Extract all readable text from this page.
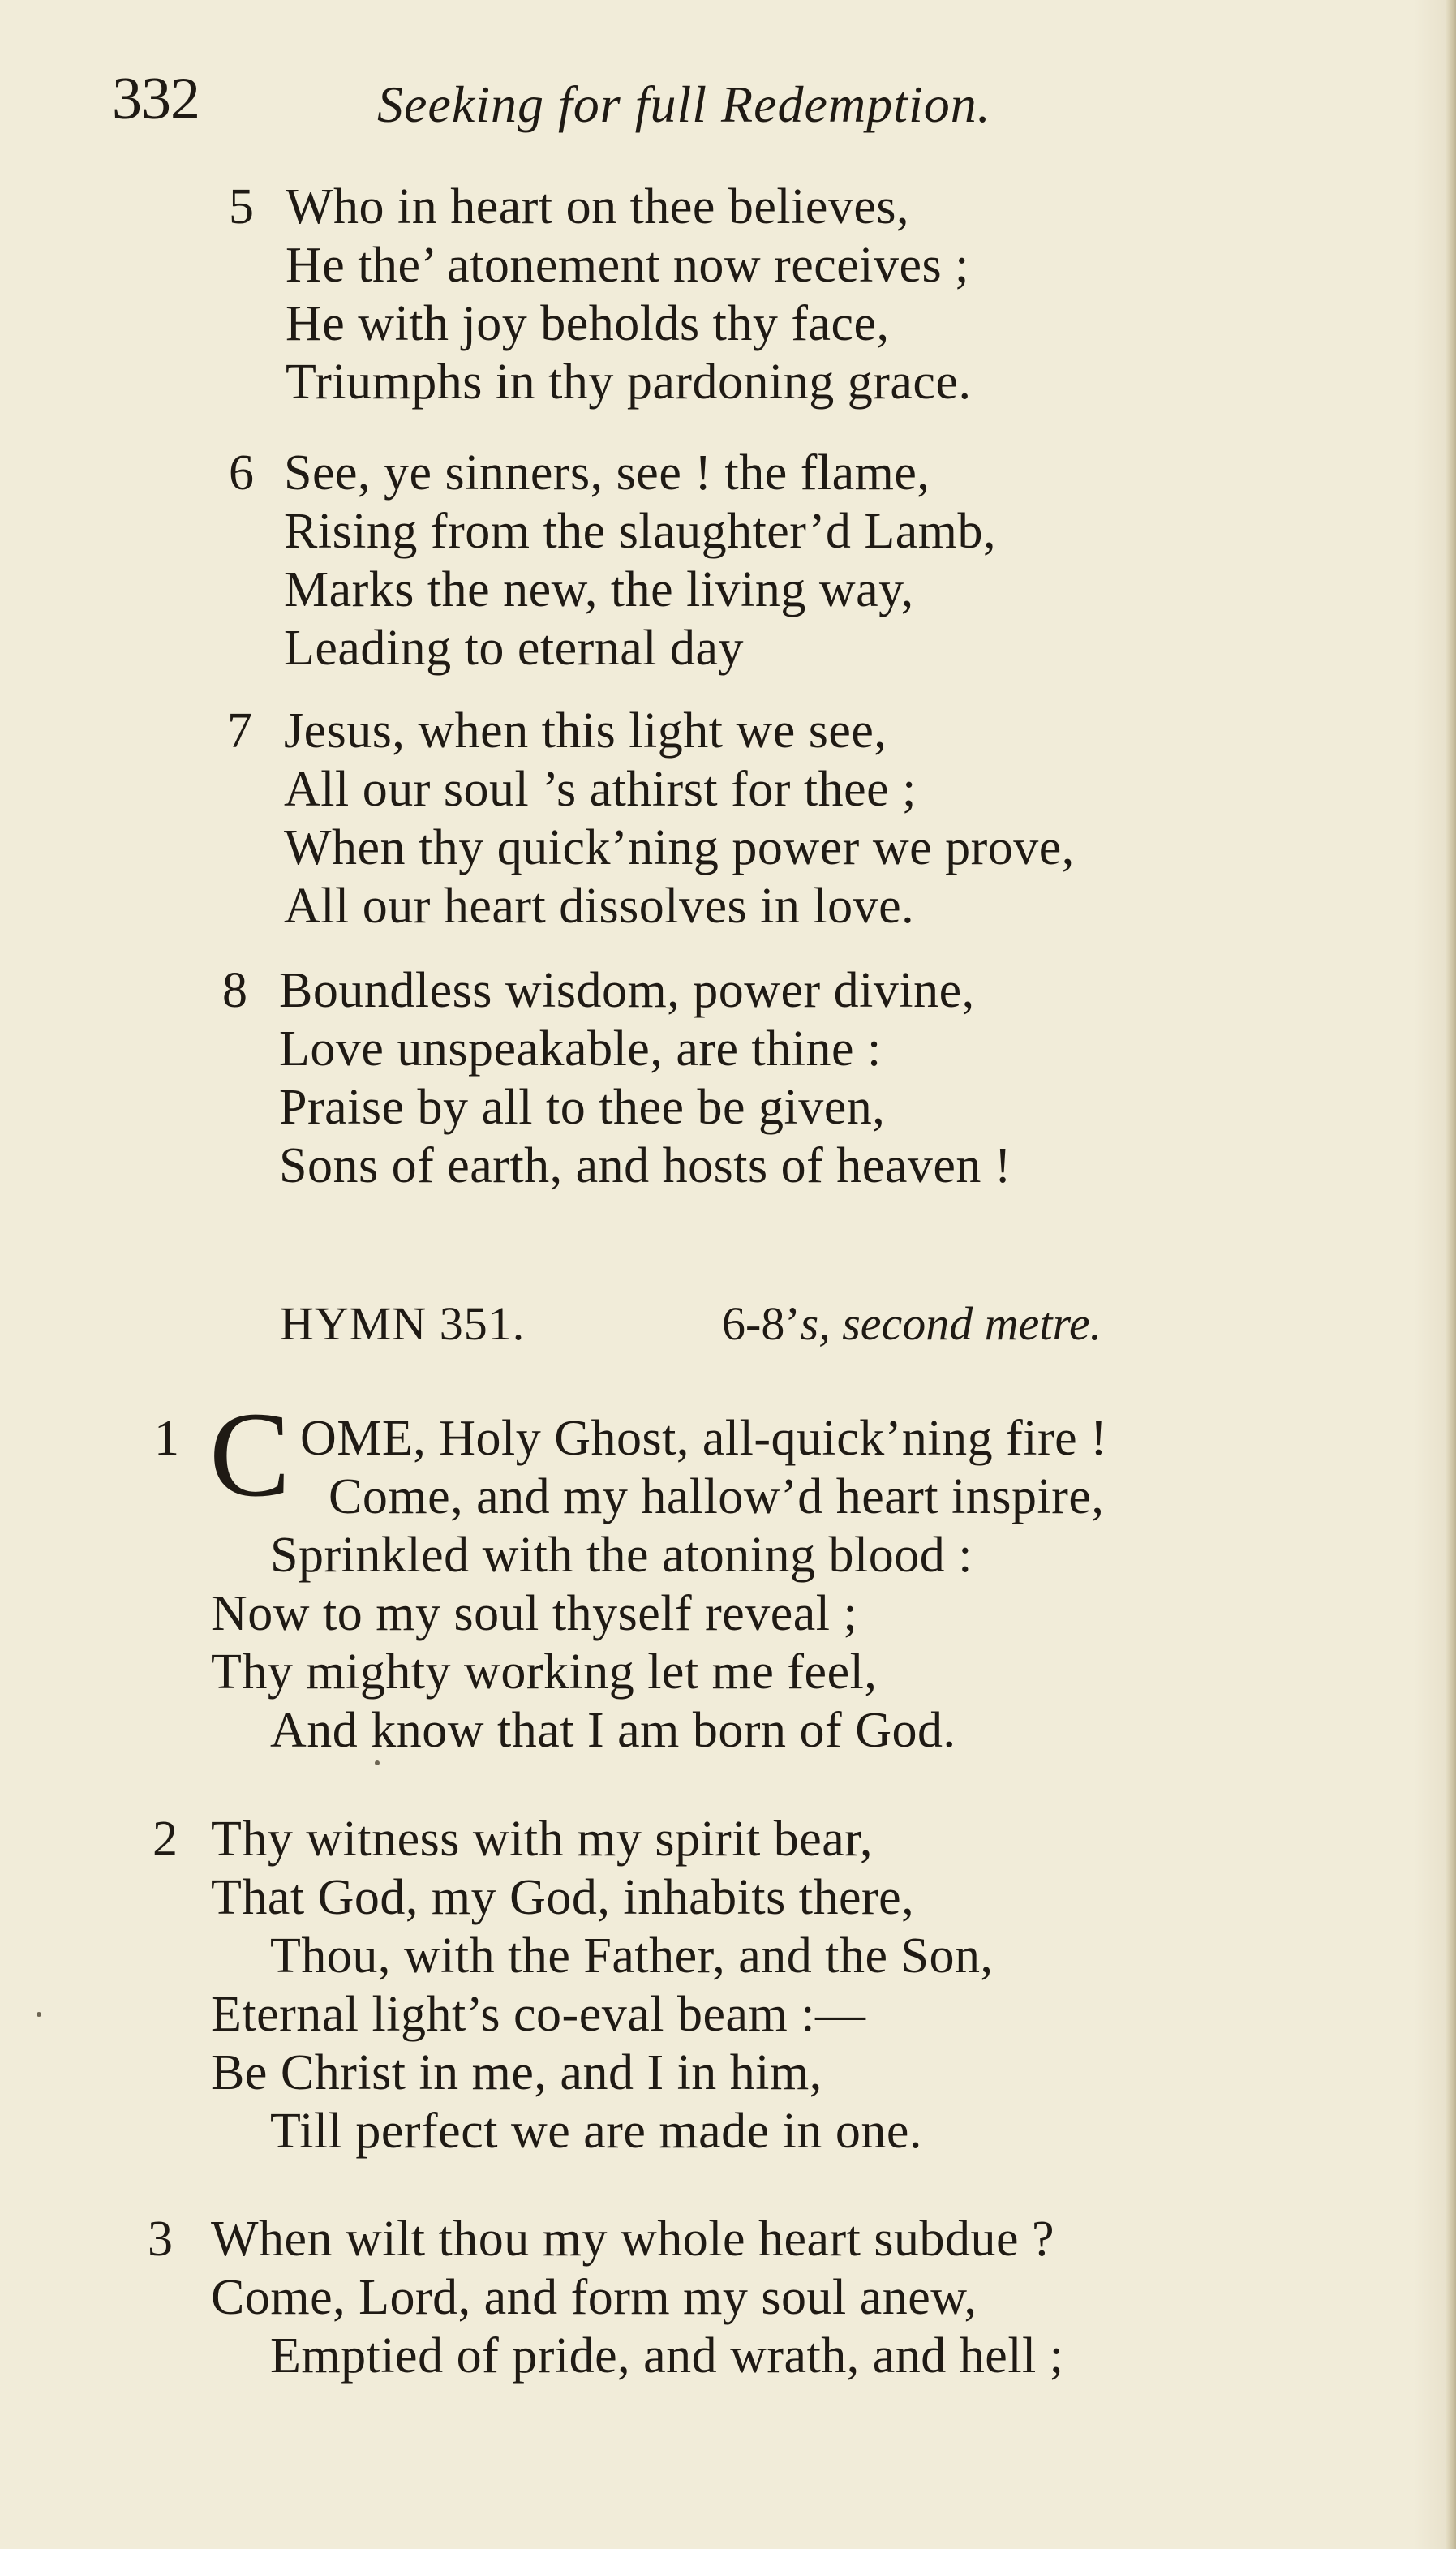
332	Seeking for full Redemption.
5 Who in heart on thee believes,
He the’ atonement now receives ;
He with joy beholds thy face,
Triumphs in thy pardoning grace.
6 See, ye sinners, see ! the flame,
Rising from the slaughter’d Lamb,
Marks the new, the living way,
Leading to eternal day
7 Jesus, when this light we see,
All our soul ’s athirst for thee ;
When thy quick’ning power we prove,
All our heart dissolves in love.
8 Boundless wisdom, power divine,
Love unspeakable, are thine :
Praise by all to thee be given,
Sons of earth, and hosts of heaven !
HYMN 351.	6-8’s, second metre.
1 C OME, Holy Ghost, all-quick’ning fire !
Come, and my hallow’d heart inspire,
Sprinkled with the atoning blood :
Now to my soul thyself reveal ;
Thy mighty working let me feel,
And know that I am born of God.
2 Thy witness with my spirit bear,
That God, my God, inhabits there,
Thou, with the Father, and the Son,
Eternal light’s co-eval beam :—
Be Christ in me, and I in him,
Till perfect we are made in one.
3 When wilt thou my whole heart subdue ?
Come, Lord, and form my soul anew,
Emptied of pride, and wrath, and hell ;
